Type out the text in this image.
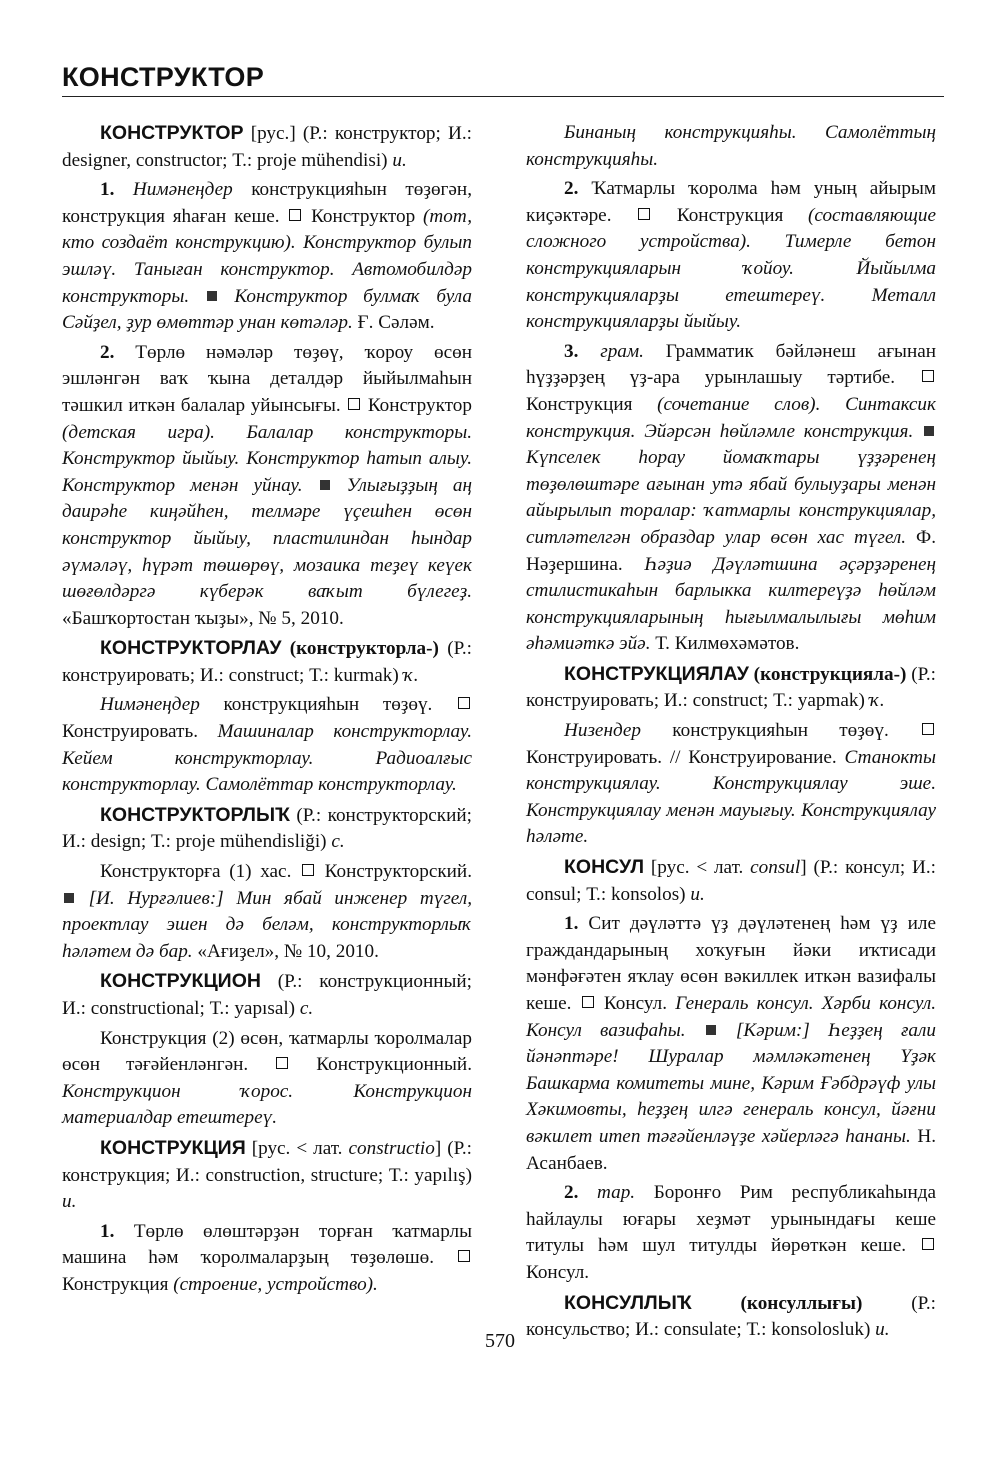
КОНСТРУКТОР

КОНСТРУКТОР [рус.] (Р.: конструктор; И.: designer, constructor; Т.: proje mühendisi) и.

1. Нимәнеңдер конструкцияһын төҙөгән, конструкция яһаған кеше.  Конструктор (тот, кто создаёт конструкцию). Конструктор булып эшләү. Таныған конструктор. Автомобилдәр конструкторы.  Конструктор булмаҡ була Сәйҙел, ҙур өмөттәр унан көтәләр. Ғ. Сәләм.

2. Төрлө нәмәләр төҙөү, ҡороу өсөн эшләнгән ваҡ ҡына деталдәр йыйылмаһын тәшкил иткән балалар уйынсығы.  Конструктор (детская игра). Балалар конструкторы. Конструктор йыйыу. Конструктор һатып алыу. Конструктор менән уйнау.  Улығыҙҙың аң даирәһе киңәйһен, телмәре үҫешһен өсөн конструктор йыйыу, пластилиндан һындар әүмәләү, һүрәт төшөрөү, мозаика теҙеү кеүек шөғөлдәргә күберәк ваҡыт бүлегеҙ. «Башҡортостан ҡыҙы», № 5, 2010.

КОНСТРУКТОРЛАУ (конструкторла-) (Р.: конструировать; И.: construct; Т.: kurmak) ҡ.

Нимәнеңдер конструкцияһын төҙөү.  Конструировать. Машиналар конструкторлау. Кейем конструкторлау. Радиоалғыс конструкторлау. Самолёттар конструкторлау.

КОНСТРУКТОРЛЫҠ (Р.: конструкторский; И.: design; Т.: proje mühendisliği) с.

Конструкторға (1) хас.  Конструкторский.  [И. Нурғәлиев:] Мин ябай инженер түгел, проектлау эшен дә беләм, конструкторлыҡ һәләтем дә бар. «Ағиҙел», № 10, 2010.

КОНСТРУКЦИОН (Р.: конструкционный; И.: constructional; Т.: yapısal) с.

Конструкция (2) өсөн, ҡатмарлы ҡоролмалар өсөн тәғәйенләнгән.  Конструкционный. Конструкцион ҡорос. Конструкцион материалдар етештереү.

КОНСТРУКЦИЯ [рус. < лат. constructio] (Р.: конструкция; И.: construction, structure; Т.: yapılış) и.

1. Төрлө өлөштәрҙән торған ҡатмарлы машина һәм ҡоролмаларҙың төҙөлөшө.  Конструкция (строение, устройство).

Бинаның конструкцияһы. Самолёттың конструкцияһы.

2. Ҡатмарлы ҡоролма һәм уның айырым киҫәктәре.  Конструкция (составляющие сложного устройства). Тимерле бетон конструкцияларын ҡойоу. Йыйылма конструкцияларҙы етештереү. Металл конструкцияларҙы йыйыу.

3. грам. Грамматик бәйләнеш ағынан һүҙҙәрҙең үҙ-ара урынлашыу тәртибе.  Конструкция (сочетание слов). Синтаксик конструкция. Эйәрсән һөйләмле конструкция.  Күпселек һорау йомаҡтары үҙҙәренең төҙөлөштәре ағынан утә ябай булыуҙары менән айырылып торалар: ҡатмарлы конструкциялар, ситләтелгән образдар улар өсөн хас түгел. Ф. Нәҙершина. Һәҙиә Дәүләтшина әҫәрҙәренең стилистикаһын барлыкка килтереүҙә һөйләм конструкцияларының һығылмалылығы мөһим әһәмиәткә эйә. Т. Килмөхәмәтов.

КОНСТРУКЦИЯЛАУ (конструкциялa-) (Р.: конструировать; И.: construct; Т.: yapmak) ҡ.

Низендер конструкцияһын төҙөү.  Конструировать. // Конструирование. Станокты конструкциялау. Конструкциялау эше. Конструкциялау менән мауығыу. Конструкциялау һәләте.

КОНСУЛ [рус. < лат. consul] (Р.: консул; И.: consul; Т.: konsolos) и.

1. Сит дәүләттә үҙ дәүләтенең һәм үҙ иле граждандарының хоҡуғын йәки иҡтисади мәнфәғәтен яҡлау өсөн вәкиллек иткән вазифалы кеше.  Консул. Генераль консул. Хәрби консул. Консул вазифаһы.  [Кәрим:] Һеҙҙең ғали йәнәптәре! Шуралар мәмләкәтенең Үҙәк Башкарма комитеты мине, Кәрим Ғәбдрәүф улы Хәкимовты, һеҙҙең илгә генераль консул, йәғни вәкилет итеп тәғәйенләүҙе хәйерләгә һананы. Н. Асанбаев.

2. тар. Боронғо Рим республикаһында һайлаулы юғары хеҙмәт урынындағы кеше титулы һәм шул титулды йөрөткән кеше.  Консул.

КОНСУЛЛЫҠ (консуллығы) (Р.: консульство; И.: consulate; Т.: konsolosluk) и.

570
